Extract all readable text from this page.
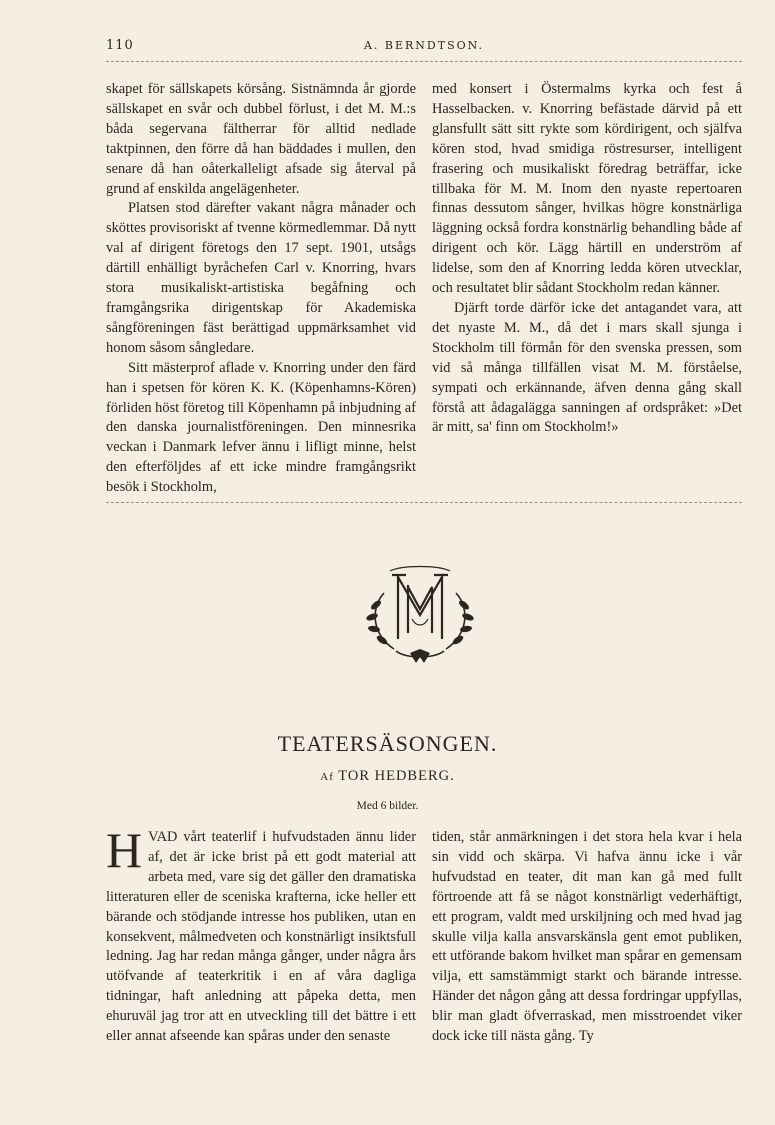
110	A. BERNDTSON.

skapet för sällskapets körsång. Sistnämnda år gjorde sällskapet en svår och dubbel förlust, i det M. M.:s båda segervana fältherrar för alltid nedlade taktpinnen, den förre då han bäddades i mullen, den senare då han oåterkalleligt afsade sig återval på grund af enskilda angelägenheter.

Platsen stod därefter vakant några månader och sköttes provisoriskt af tvenne körmedlemmar. Då nytt val af dirigent företogs den 17 sept. 1901, utsågs därtill enhälligt byråchefen Carl v. Knorring, hvars stora musikaliskt-artistiska begåfning och framgångsrika dirigentskap för Akademiska sångföreningen fäst berättigad uppmärksamhet vid honom såsom sångledare.

Sitt mästerprof aflade v. Knorring under den färd han i spetsen för kören K. K. (Köpenhamns-Kören) förliden höst företog till Köpenhamn på inbjudning af den danska journalistföreningen. Den minnesrika veckan i Danmark lefver ännu i lifligt minne, helst den efterföljdes af ett icke mindre framgångsrikt besök i Stockholm,

med konsert i Östermalms kyrka och fest å Hasselbacken. v. Knorring befästade därvid på ett glansfullt sätt sitt rykte som kördirigent, och själfva kören stod, hvad smidiga röstresurser, intelligent frasering och musikaliskt föredrag beträffar, icke tillbaka för M. M. Inom den nyaste repertoaren finnas dessutom sånger, hvilkas högre konstnärliga läggning också fordra konstnärlig behandling både af dirigent och kör. Lägg härtill en underström af lidelse, som den af Knorring ledda kören utvecklar, och resultatet blir sådant Stockholm redan känner.

Djärft torde därför icke det antagandet vara, att det nyaste M. M., då det i mars skall sjunga i Stockholm till förmån för den svenska pressen, som vid så många tillfällen visat M. M. förståelse, sympati och erkännande, äfven denna gång skall förstå att ådagalägga sanningen af ordspråket: »Det är mitt, sa' finn om Stockholm!»

TEATERSÄSONGEN.
Af TOR HEDBERG.
Med 6 bilder.

HVAD vårt teaterlif i hufvudstaden ännu lider af, det är icke brist på ett godt material att arbeta med, vare sig det gäller den dramatiska litteraturen eller de sceniska krafterna, icke heller ett bärande och stödjande intresse hos publiken, utan en konsekvent, målmedveten och konstnärligt insiktsfull ledning. Jag har redan många gånger, under några års utöfvande af teaterkritik i en af våra dagliga tidningar, haft anledning att påpeka detta, men ehuruväl jag tror att en utveckling till det bättre i ett eller annat afseende kan spåras under den senaste

tiden, står anmärkningen i det stora hela kvar i hela sin vidd och skärpa. Vi hafva ännu icke i vår hufvudstad en teater, dit man kan gå med fullt förtroende att få se något konstnärligt vederhäftigt, ett program, valdt med urskiljning och med hvad jag skulle vilja kalla ansvarskänsla gent emot publiken, ett utförande bakom hvilket man spårar en gemensam vilja, ett samstämmigt starkt och bärande intresse. Händer det någon gång att dessa fordringar uppfyllas, blir man gladt öfverraskad, men misstroendet viker dock icke till nästa gång. Ty
